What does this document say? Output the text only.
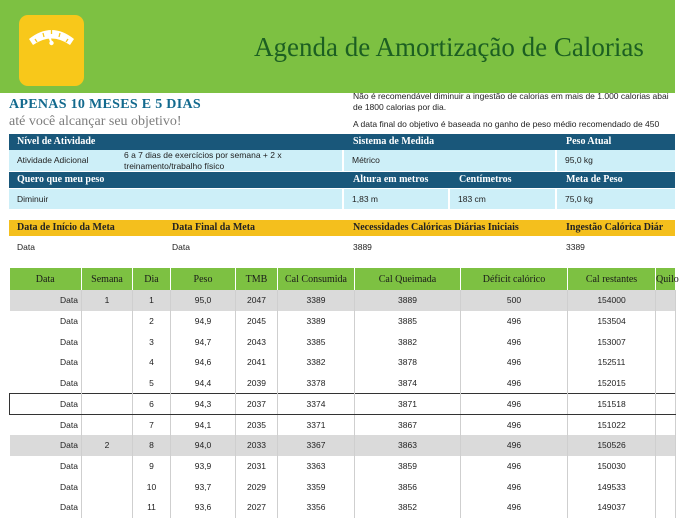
Agenda de Amortização de Calorias
APENAS 10 MESES E 5 DIAS
até você alcançar seu objetivo!

Não é recomendável diminuir a ingestão de calorias em mais de 1.000 calorias abai

de 1800 calorias por dia.

A data final do objetivo é baseada no ganho de peso médio recomendado de 450

Nível de Atividade	Sistema de Medida	Peso Atual
Atividade Adicional	6 a 7 dias de exercícios por semana + 2 x
treinamento/trabalho físico
Métrico	95,0 kg
Quero que meu peso	Altura em metros	Centímetros	Meta de Peso
Diminuir	1,83 m	183 cm	75,0 kg
Data de Início da Meta	Data Final da Meta	Necessidades Calóricas Diárias Iniciais	Ingestão Calórica Diár
Data	Data	3889	3389
Data	Semana	Dia	Peso	TMB	Cal Consumida	Cal Queimada	Déficit calórico	Cal restantes	Quilo
Data	1	1	95,0	2047	3389	3889	500	154000	
Data		2	94,9	2045	3389	3885	496	153504	
Data		3	94,7	2043	3385	3882	496	153007	
Data		4	94,6	2041	3382	3878	496	152511	
Data		5	94,4	2039	3378	3874	496	152015	
Data		6	94,3	2037	3374	3871	496	151518	
Data		7	94,1	2035	3371	3867	496	151022	
Data	2	8	94,0	2033	3367	3863	496	150526	
Data		9	93,9	2031	3363	3859	496	150030	
Data		10	93,7	2029	3359	3856	496	149533	
Data		11	93,6	2027	3356	3852	496	149037	
